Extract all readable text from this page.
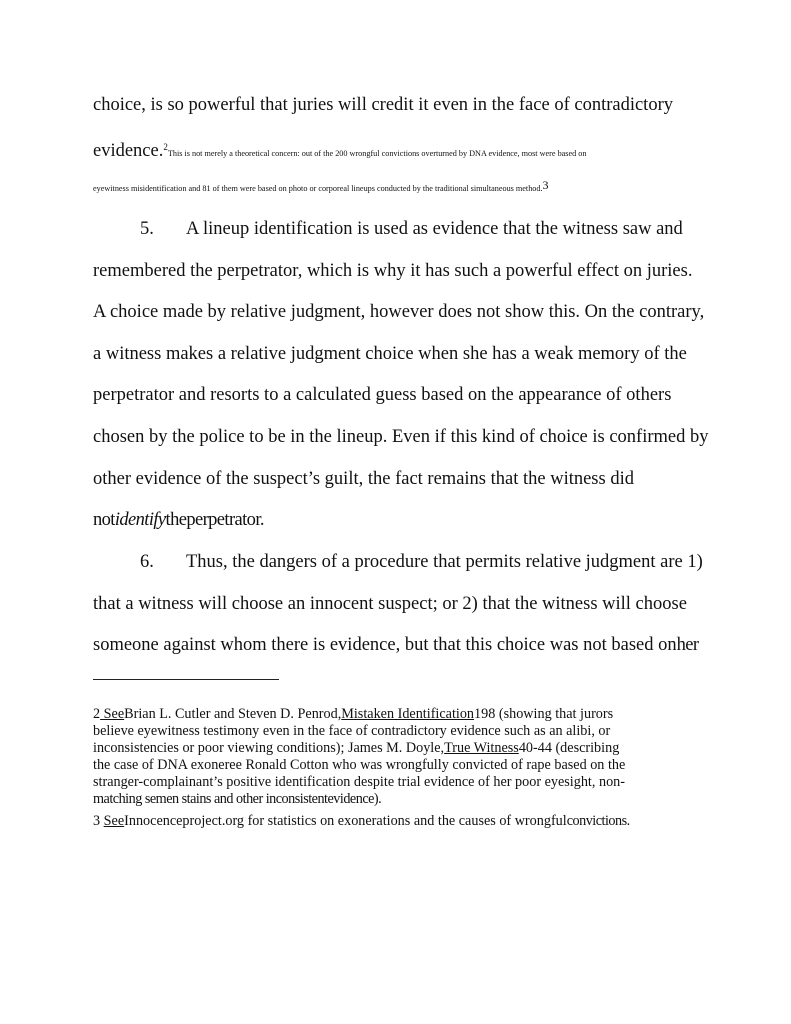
choice, is so powerful that juries will credit it even in the face of contradictory
evidence.$^2$This is not merely a theoretical concern: out of the 200 wrongful convictions overturned by DNA evidence, most were based on
eyewitness misidentification and 81 of them were based on photo or corporeal lineups conducted by the traditional simultaneous method.3
5. A lineup identification is used as evidence that the witness saw and
remembered the perpetrator, which is why it has such a powerful effect on juries.
A choice made by relative judgment, however does not show this. On the contrary,
a witness makes a relative judgment choice when she has a weak memory of the
perpetrator and resorts to a calculated guess based on the appearance of others
chosen by the police to be in the lineup. Even if this kind of choice is confirmed by
other evidence of the suspect’s guilt, the fact remains that the witness did
notidentifytheperpetrator.
6. Thus, the dangers of a procedure that permits relative judgment are 1)
that a witness will choose an innocent suspect; or 2) that the witness will choose
someone against whom there is evidence, but that this choice was not based onher
2 SeeBrian L. Cutler and Steven D. Penrod,Mistaken Identification198 (showing that jurors
believe eyewitness testimony even in the face of contradictory evidence such as an alibi, or
inconsistencies or poor viewing conditions); James M. Doyle,True Witness40-44 (describing
the case of DNA exoneree Ronald Cotton who was wrongfully convicted of rape based on the
stranger-complainant’s positive identification despite trial evidence of her poor eyesight, non-
matching semen stains and other inconsistentevidence).
3 SeeInnocenceproject.org for statistics on exonerations and the causes of wrongfulconvictions.
